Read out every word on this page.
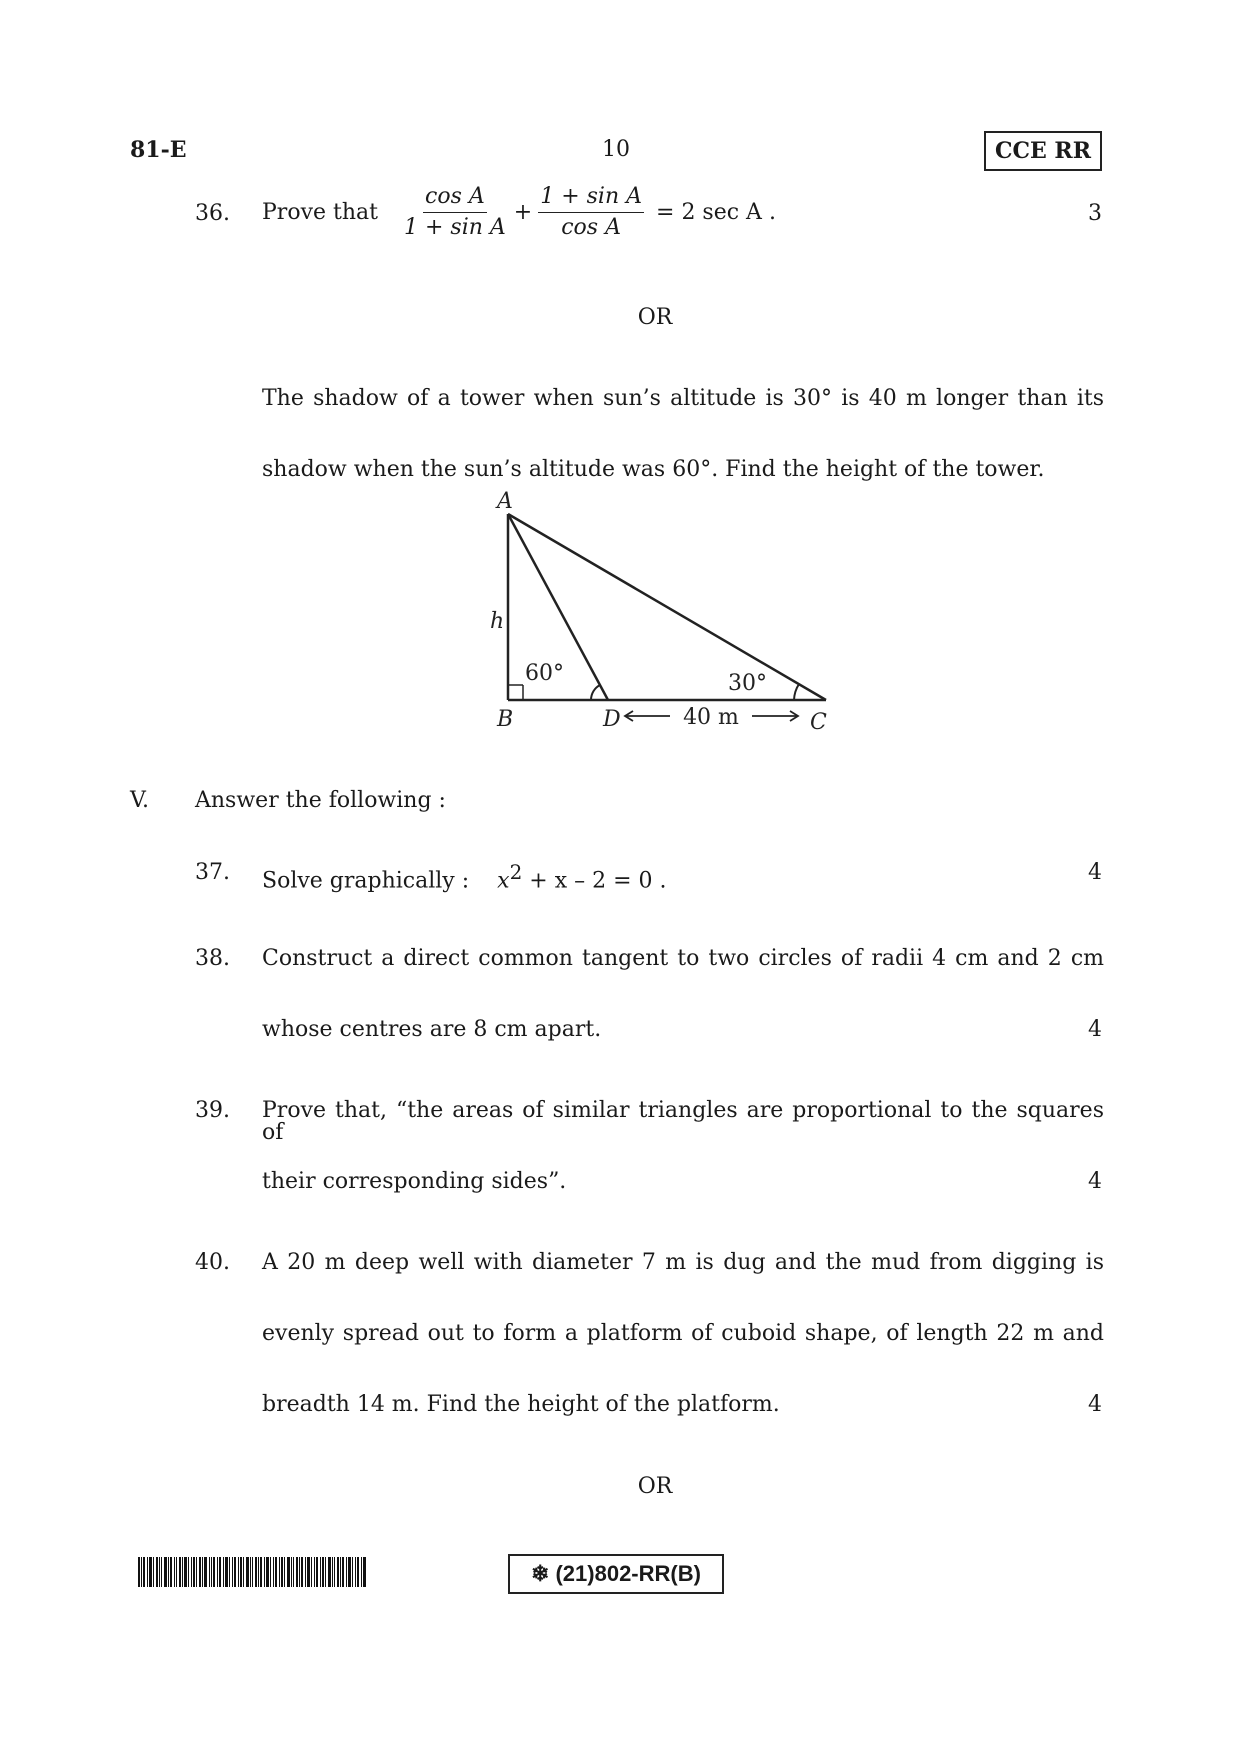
81-E	10	CCE RR
36. Prove that $\frac{\text{cos A}}{\text{1 + sin A}} + \frac{\text{1 + sin A}}{\text{cos A}} = 2$ sec A .	3
OR
The shadow of a tower when sun’s altitude is 30° is 40 m longer than its
shadow when the sun’s altitude was 60°. Find the height of the tower.
A
h
B	D	C
60°	30°
40 m
V. Answer the following :
37. Solve graphically : $x^2 + x - 2 = 0$ .	4
38. Construct a direct common tangent to two circles of radii 4 cm and 2 cm
whose centres are 8 cm apart.	4
39. Prove that, “the areas of similar triangles are proportional to the squares of
their corresponding sides”.	4
40. A 20 m deep well with diameter 7 m is dug and the mud from digging is
evenly spread out to form a platform of cuboid shape, of length 22 m and
breadth 14 m. Find the height of the platform.	4
OR
❄ (21)802-RR(B)
